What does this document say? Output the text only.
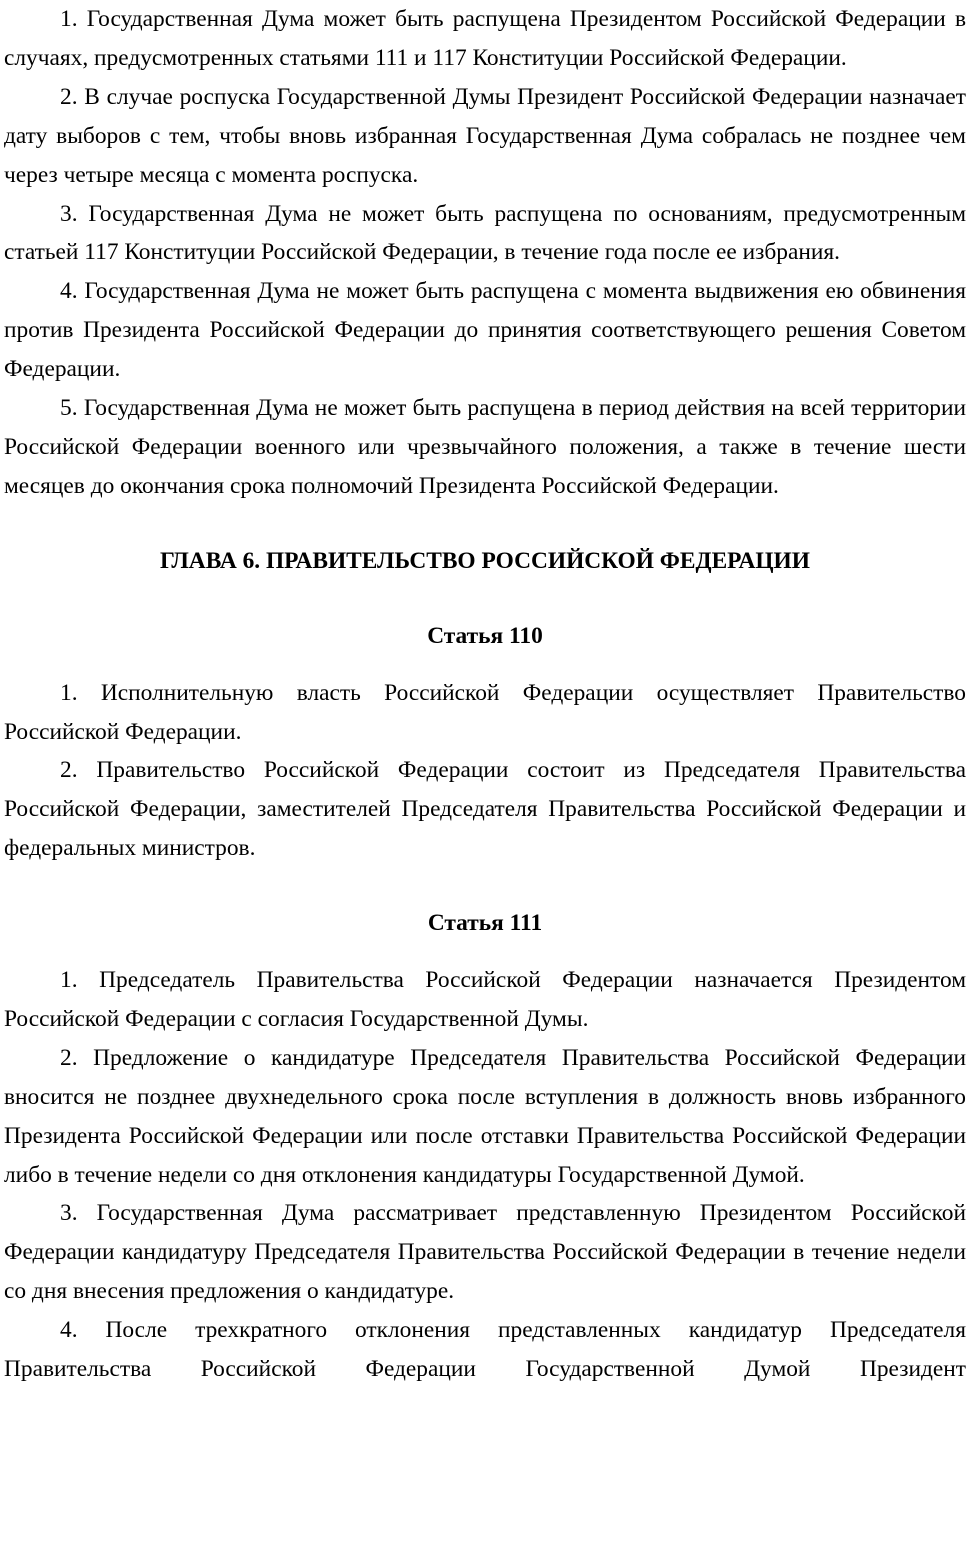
1. Государственная Дума может быть распущена Президентом Российской Федерации в случаях, предусмотренных статьями 111 и 117 Конституции Российской Федерации.

2. В случае роспуска Государственной Думы Президент Российской Федерации назначает дату выборов с тем, чтобы вновь избранная Государственная Дума собралась не позднее чем через четыре месяца с момента роспуска.

3. Государственная Дума не может быть распущена по основаниям, предусмотренным статьей 117 Конституции Российской Федерации, в течение года после ее избрания.

4. Государственная Дума не может быть распущена с момента выдвижения ею обвинения против Президента Российской Федерации до принятия соответствующего решения Советом Федерации.

5. Государственная Дума не может быть распущена в период действия на всей территории Российской Федерации военного или чрезвычайного положения, а также в течение шести месяцев до окончания срока полномочий Президента Российской Федерации.

ГЛАВА 6. ПРАВИТЕЛЬСТВО РОССИЙСКОЙ ФЕДЕРАЦИИ
Статья 110

1. Исполнительную власть Российской Федерации осуществляет Правительство Российской Федерации.

2. Правительство Российской Федерации состоит из Председателя Правительства Российской Федерации, заместителей Председателя Правительства Российской Федерации и федеральных министров.

Статья 111

1. Председатель Правительства Российской Федерации назначается Президентом Российской Федерации с согласия Государственной Думы.

2. Предложение о кандидатуре Председателя Правительства Российской Федерации вносится не позднее двухнедельного срока после вступления в должность вновь избранного Президента Российской Федерации или после отставки Правительства Российской Федерации либо в течение недели со дня отклонения кандидатуры Государственной Думой.

3. Государственная Дума рассматривает представленную Президентом Российской Федерации кандидатуру Председателя Правительства Российской Федерации в течение недели со дня внесения предложения о кандидатуре.

4. После трехкратного отклонения представленных кандидатур Председателя Правительства Российской Федерации Государственной Думой Президент
